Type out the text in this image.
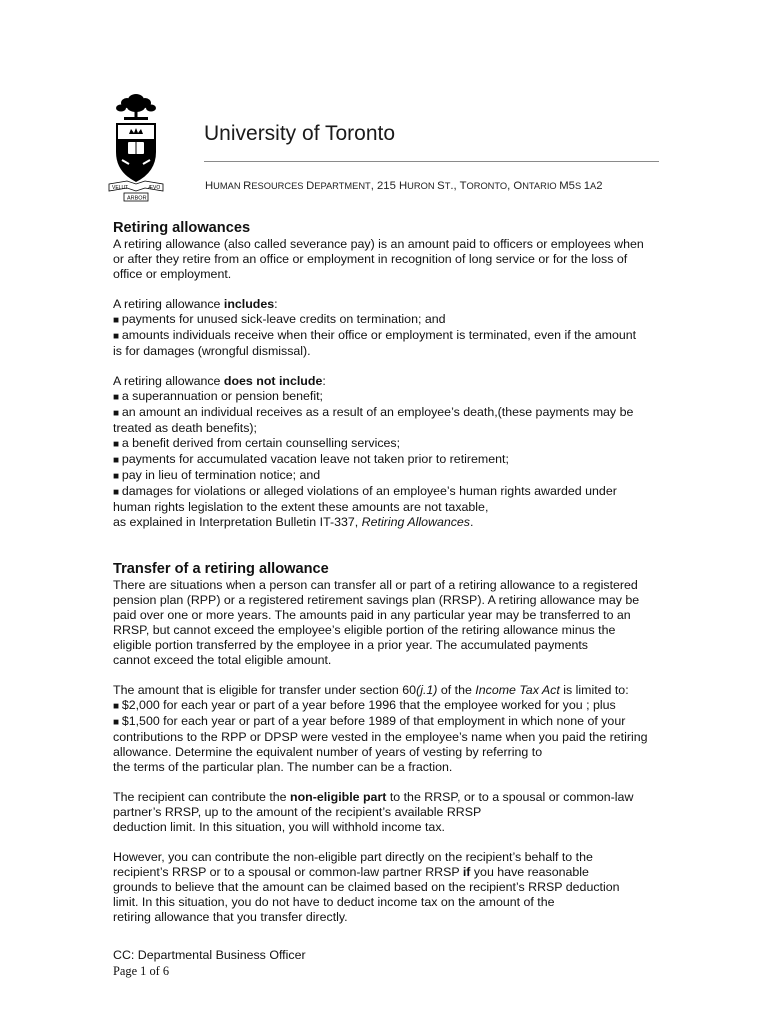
VELUT	ÆVO
ARBOR
University of Toronto
HUMAN RESOURCES DEPARTMENT, 215 HURON ST., TORONTO, ONTARIO M5S 1A2
Retiring allowances

A retiring allowance (also called severance pay) is an amount paid to officers or employees when

or after they retire from an office or employment in recognition of long service or for the loss of

office or employment.

A retiring allowance includes:

■ payments for unused sick-leave credits on termination; and

■ amounts individuals receive when their office or employment is terminated, even if the amount

is for damages (wrongful dismissal).

A retiring allowance does not include:

■ a superannuation or pension benefit;

■ an amount an individual receives as a result of an employee’s death,(these payments may be

treated as death benefits);

■ a benefit derived from certain counselling services;

■ payments for accumulated vacation leave not taken prior to retirement;

■ pay in lieu of termination notice; and

■ damages for violations or alleged violations of an employee’s human rights awarded under

human rights legislation to the extent these amounts are not taxable,

as explained in Interpretation Bulletin IT-337, Retiring Allowances.

Transfer of a retiring allowance

There are situations when a person can transfer all or part of a retiring allowance to a registered

pension plan (RPP) or a registered retirement savings plan (RRSP). A retiring allowance may be

paid over one or more years. The amounts paid in any particular year may be transferred to an

RRSP, but cannot exceed the employee’s eligible portion of the retiring allowance minus the

eligible portion transferred by the employee in a prior year. The accumulated payments

cannot exceed the total eligible amount.

The amount that is eligible for transfer under section 60(j.1) of the Income Tax Act is limited to:

■ $2,000 for each year or part of a year before 1996 that the employee worked for you ; plus

■ $1,500 for each year or part of a year before 1989 of that employment in which none of your

contributions to the RPP or DPSP were vested in the employee’s name when you paid the retiring

allowance. Determine the equivalent number of years of vesting by referring to

the terms of the particular plan. The number can be a fraction.

The recipient can contribute the non-eligible part to the RRSP, or to a spousal or common-law

partner’s RRSP, up to the amount of the recipient’s available RRSP

deduction limit. In this situation, you will withhold income tax.

However, you can contribute the non-eligible part directly on the recipient’s behalf to the

recipient’s RRSP or to a spousal or common-law partner RRSP if you have reasonable

grounds to believe that the amount can be claimed based on the recipient’s RRSP deduction

limit. In this situation, you do not have to deduct income tax on the amount of the

retiring allowance that you transfer directly.

CC: Departmental Business Officer
Page 1 of 6
